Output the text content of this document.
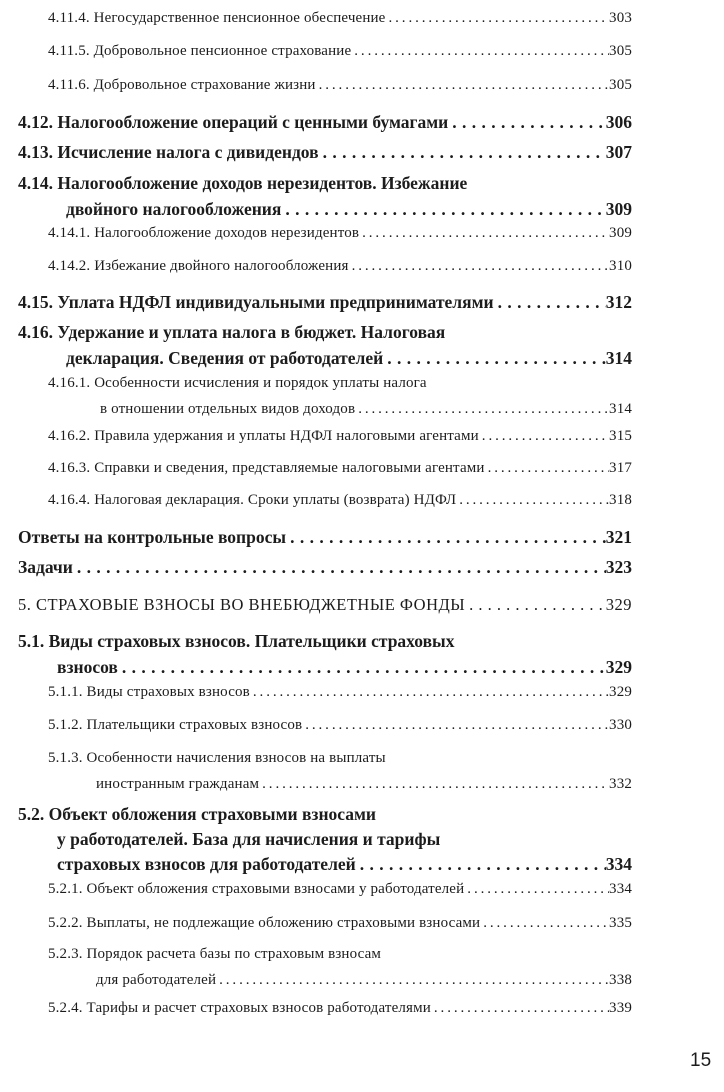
4.11.4. Негосударственное пенсионное обеспечение .....	303
4.11.5. Добровольное пенсионное страхование .....	305
4.11.6. Добровольное страхование жизни .....	305
4.12. Налогообложение операций с ценными бумагами . . .	306
4.13. Исчисление налога с дивидендов . . .	307
4.14. Налогообложение доходов нерезидентов. Избежание
двойного налогообложения . . .	309
4.14.1. Налогообложение доходов нерезидентов .....	309
4.14.2. Избежание двойного налогообложения .....	310
4.15. Уплата НДФЛ индивидуальными предпринимателями . . .	312
4.16. Удержание и уплата налога в бюджет. Налоговая
декларация. Сведения от работодателей . . .	314
4.16.1. Особенности исчисления и порядок уплаты налога
в отношении отдельных видов доходов .....	314
4.16.2. Правила удержания и уплаты НДФЛ налоговыми агентами .....	315
4.16.3. Справки и сведения, представляемые налоговыми агентами .....	317
4.16.4. Налоговая декларация. Сроки уплаты (возврата) НДФЛ .....	318
Ответы на контрольные вопросы . . .	321
Задачи . . .	323
5. СТРАХОВЫЕ ВЗНОСЫ ВО ВНЕБЮДЖЕТНЫЕ ФОНДЫ . . .	329
5.1. Виды страховых взносов. Плательщики страховых
взносов . . .	329
5.1.1. Виды страховых взносов .....	329
5.1.2. Плательщики страховых взносов .....	330
5.1.3. Особенности начисления взносов на выплаты
иностранным гражданам .....	332
5.2. Объект обложения страховыми взносами
у работодателей. База для начисления и тарифы
страховых взносов для работодателей . . .	334
5.2.1. Объект обложения страховыми взносами у работодателей .....	334
5.2.2. Выплаты, не подлежащие обложению страховыми взносами .....	335
5.2.3. Порядок расчета базы по страховым взносам
для работодателей .....	338
5.2.4. Тарифы и расчет страховых взносов работодателями .....	339
15
